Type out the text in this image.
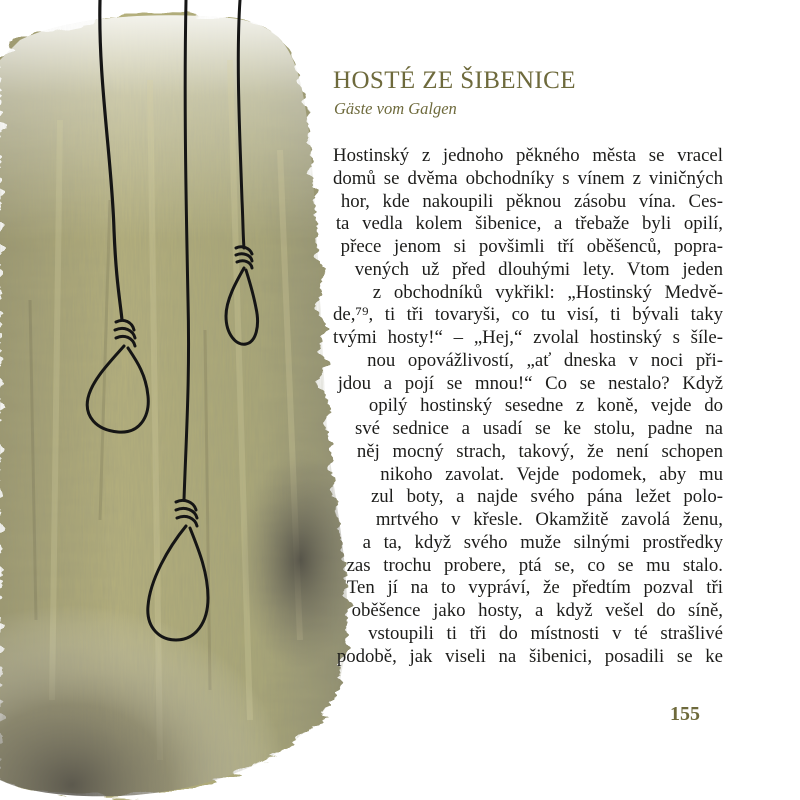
HOSTÉ ZE ŠIBENICE
Gäste vom Galgen
Hostinský z jednoho pěkného města se vracel
domů se dvěma obchodníky s vínem z viničných
hor, kde nakoupili pěknou zásobu vína. Ces-
ta vedla kolem šibenice, a třebaže byli opilí,
přece jenom si povšimli tří oběšenců, popra-
vených už před dlouhými lety. Vtom jeden
z obchodníků vykřikl: „Hostinský Medvě-
de,⁷⁹, ti tři tovaryši, co tu visí, ti bývali taky
tvými hosty!“ – „Hej,“ zvolal hostinský s šíle-
nou opovážlivostí, „ať dneska v noci při-
jdou a pojí se mnou!“ Co se nestalo? Když
opilý hostinský sesedne z koně, vejde do
své sednice a usadí se ke stolu, padne na
něj mocný strach, takový, že není schopen
nikoho zavolat. Vejde podomek, aby mu
zul boty, a najde svého pána ležet polo-
mrtvého v křesle. Okamžitě zavolá ženu,
a ta, když svého muže silnými prostředky
zas trochu probere, ptá se, co se mu stalo.
Ten jí na to vypráví, že předtím pozval tři
oběšence jako hosty, a když vešel do síně,
vstoupili ti tři do místnosti v té strašlivé
podobě, jak viseli na šibenici, posadili se ke
155
